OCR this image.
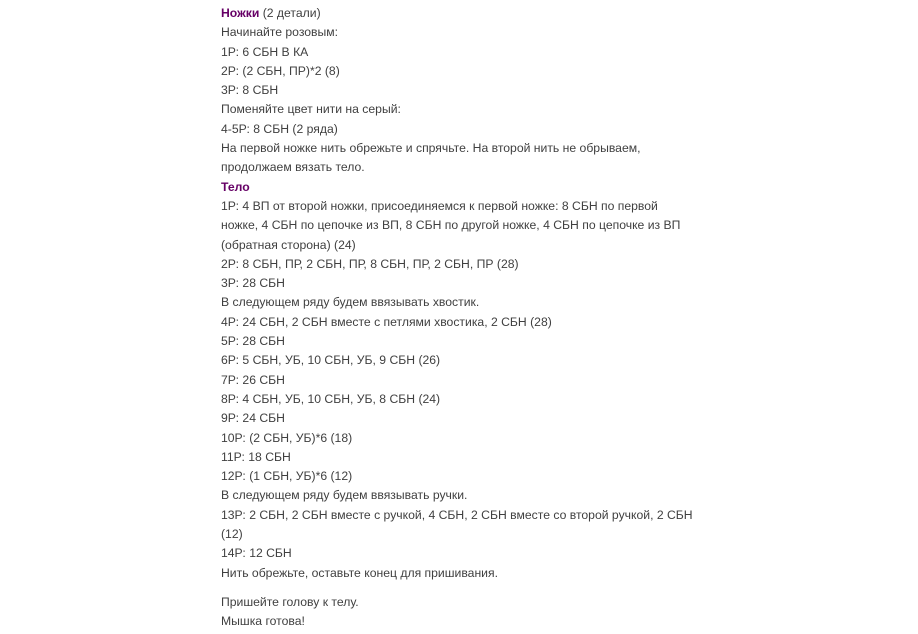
Ножки (2 детали)
Начинайте розовым:
1Р: 6 СБН В КА
2Р: (2 СБН, ПР)*2 (8)
3Р: 8 СБН
Поменяйте цвет нити на серый:
4-5Р: 8 СБН (2 ряда)
На первой ножке нить обрежьте и спрячьте. На второй нить не обрываем,
продолжаем вязать тело.
Тело
1Р: 4 ВП от второй ножки, присоединяемся к первой ножке: 8 СБН по первой
ножке, 4 СБН по цепочке из ВП, 8 СБН по другой ножке, 4 СБН по цепочке из ВП
(обратная сторона) (24)
2Р: 8 СБН, ПР, 2 СБН, ПР, 8 СБН, ПР, 2 СБН, ПР (28)
3Р: 28 СБН
В следующем ряду будем ввязывать хвостик.
4Р: 24 СБН, 2 СБН вместе с петлями хвостика, 2 СБН (28)
5Р: 28 СБН
6Р: 5 СБН, УБ, 10 СБН, УБ, 9 СБН (26)
7Р: 26 СБН
8Р: 4 СБН, УБ, 10 СБН, УБ, 8 СБН (24)
9Р: 24 СБН
10Р: (2 СБН, УБ)*6 (18)
11Р: 18 СБН
12Р: (1 СБН, УБ)*6 (12)
В следующем ряду будем ввязывать ручки.
13Р: 2 СБН, 2 СБН вместе с ручкой, 4 СБН, 2 СБН вместе со второй ручкой, 2 СБН
(12)
14Р: 12 СБН
Нить обрежьте, оставьте конец для пришивания.
Пришейте голову к телу.
Мышка готова!
